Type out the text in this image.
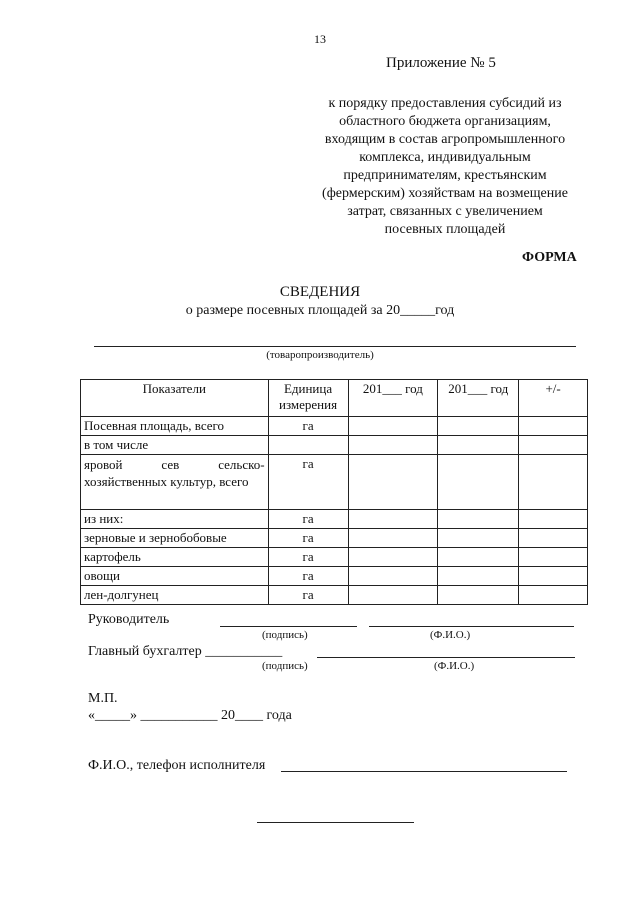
13
Приложение № 5
к порядку предоставления субсидий из
областного бюджета организациям,
входящим в состав агропромышленного
комплекса, индивидуальным
предпринимателям, крестьянским
(фермерским) хозяйствам на возмещение
затрат, связанных с увеличением
посевных площадей
ФОРМА
СВЕДЕНИЯ
о размере посевных площадей за 20_____год
(товаропроизводитель)
Показатели	Единица измерения	201___ год	201___ год	+/-
Посевная площадь, всего	га			
в том числе				
яровой сев сельско-хозяйственных культур, всего	га			
из них:	га			
зерновые и зернобобовые	га			
картофель	га			
овощи	га			
лен-долгунец	га			
Руководитель
(подпись)	(Ф.И.О.)
Главный бухгалтер ___________
(подпись)	(Ф.И.О.)
М.П.
«_____» ___________ 20____ года
Ф.И.О., телефон исполнителя
